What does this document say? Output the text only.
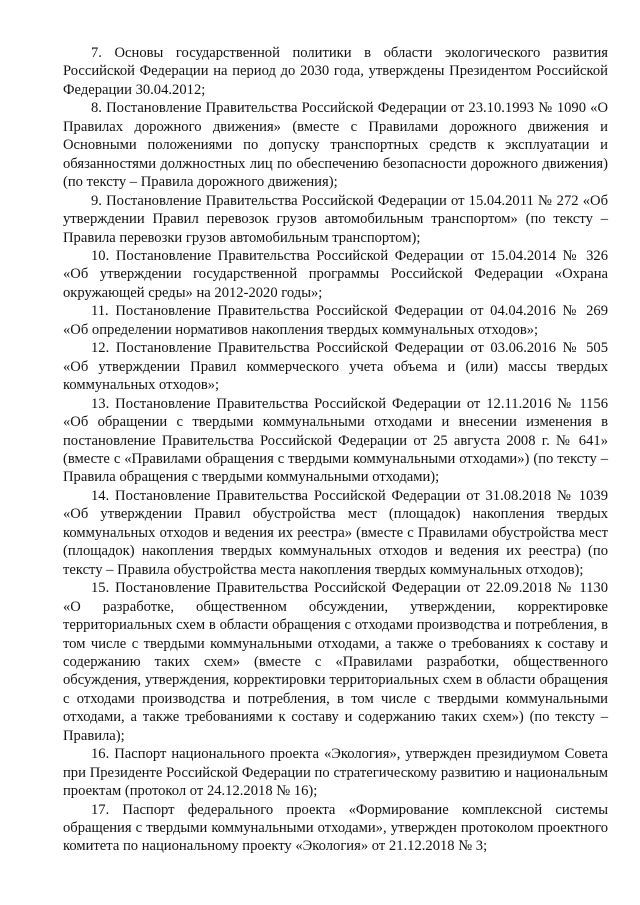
7. Основы государственной политики в области экологического развития Российской Федерации на период до 2030 года, утверждены Президентом Российской Федерации 30.04.2012;

8. Постановление Правительства Российской Федерации от 23.10.1993 № 1090 «О Правилах дорожного движения» (вместе с Правилами дорожного движения и Основными положениями по допуску транспортных средств к эксплуатации и обязанностями должностных лиц по обеспечению безопасности дорожного движения) (по тексту – Правила дорожного движения);

9. Постановление Правительства Российской Федерации от 15.04.2011 № 272 «Об утверждении Правил перевозок грузов автомобильным транспортом» (по тексту – Правила перевозки грузов автомобильным транспортом);

10. Постановление Правительства Российской Федерации от 15.04.2014 № 326 «Об утверждении государственной программы Российской Федерации «Охрана окружающей среды» на 2012-2020 годы»;

11. Постановление Правительства Российской Федерации от 04.04.2016 № 269 «Об определении нормативов накопления твердых коммунальных отходов»;

12. Постановление Правительства Российской Федерации от 03.06.2016 № 505 «Об утверждении Правил коммерческого учета объема и (или) массы твердых коммунальных отходов»;

13. Постановление Правительства Российской Федерации от 12.11.2016 № 1156 «Об обращении с твердыми коммунальными отходами и внесении изменения в постановление Правительства Российской Федерации от 25 августа 2008 г. № 641» (вместе с «Правилами обращения с твердыми коммунальными отходами») (по тексту – Правила обращения с твердыми коммунальными отходами);

14. Постановление Правительства Российской Федерации от 31.08.2018 № 1039 «Об утверждении Правил обустройства мест (площадок) накопления твердых коммунальных отходов и ведения их реестра» (вместе с Правилами обустройства мест (площадок) накопления твердых коммунальных отходов и ведения их реестра) (по тексту – Правила обустройства места накопления твердых коммунальных отходов);

15. Постановление Правительства Российской Федерации от 22.09.2018 № 1130 «О разработке, общественном обсуждении, утверждении, корректировке территориальных схем в области обращения с отходами производства и потребления, в том числе с твердыми коммунальными отходами, а также о требованиях к составу и содержанию таких схем» (вместе с «Правилами разработки, общественного обсуждения, утверждения, корректировки территориальных схем в области обращения с отходами производства и потребления, в том числе с твердыми коммунальными отходами, а также требованиями к составу и содержанию таких схем») (по тексту – Правила);

16. Паспорт национального проекта «Экология», утвержден президиумом Совета при Президенте Российской Федерации по стратегическому развитию и национальным проектам (протокол от 24.12.2018 № 16);

17. Паспорт федерального проекта «Формирование комплексной системы обращения с твердыми коммунальными отходами», утвержден протоколом проектного комитета по национальному проекту «Экология» от 21.12.2018 № 3;
